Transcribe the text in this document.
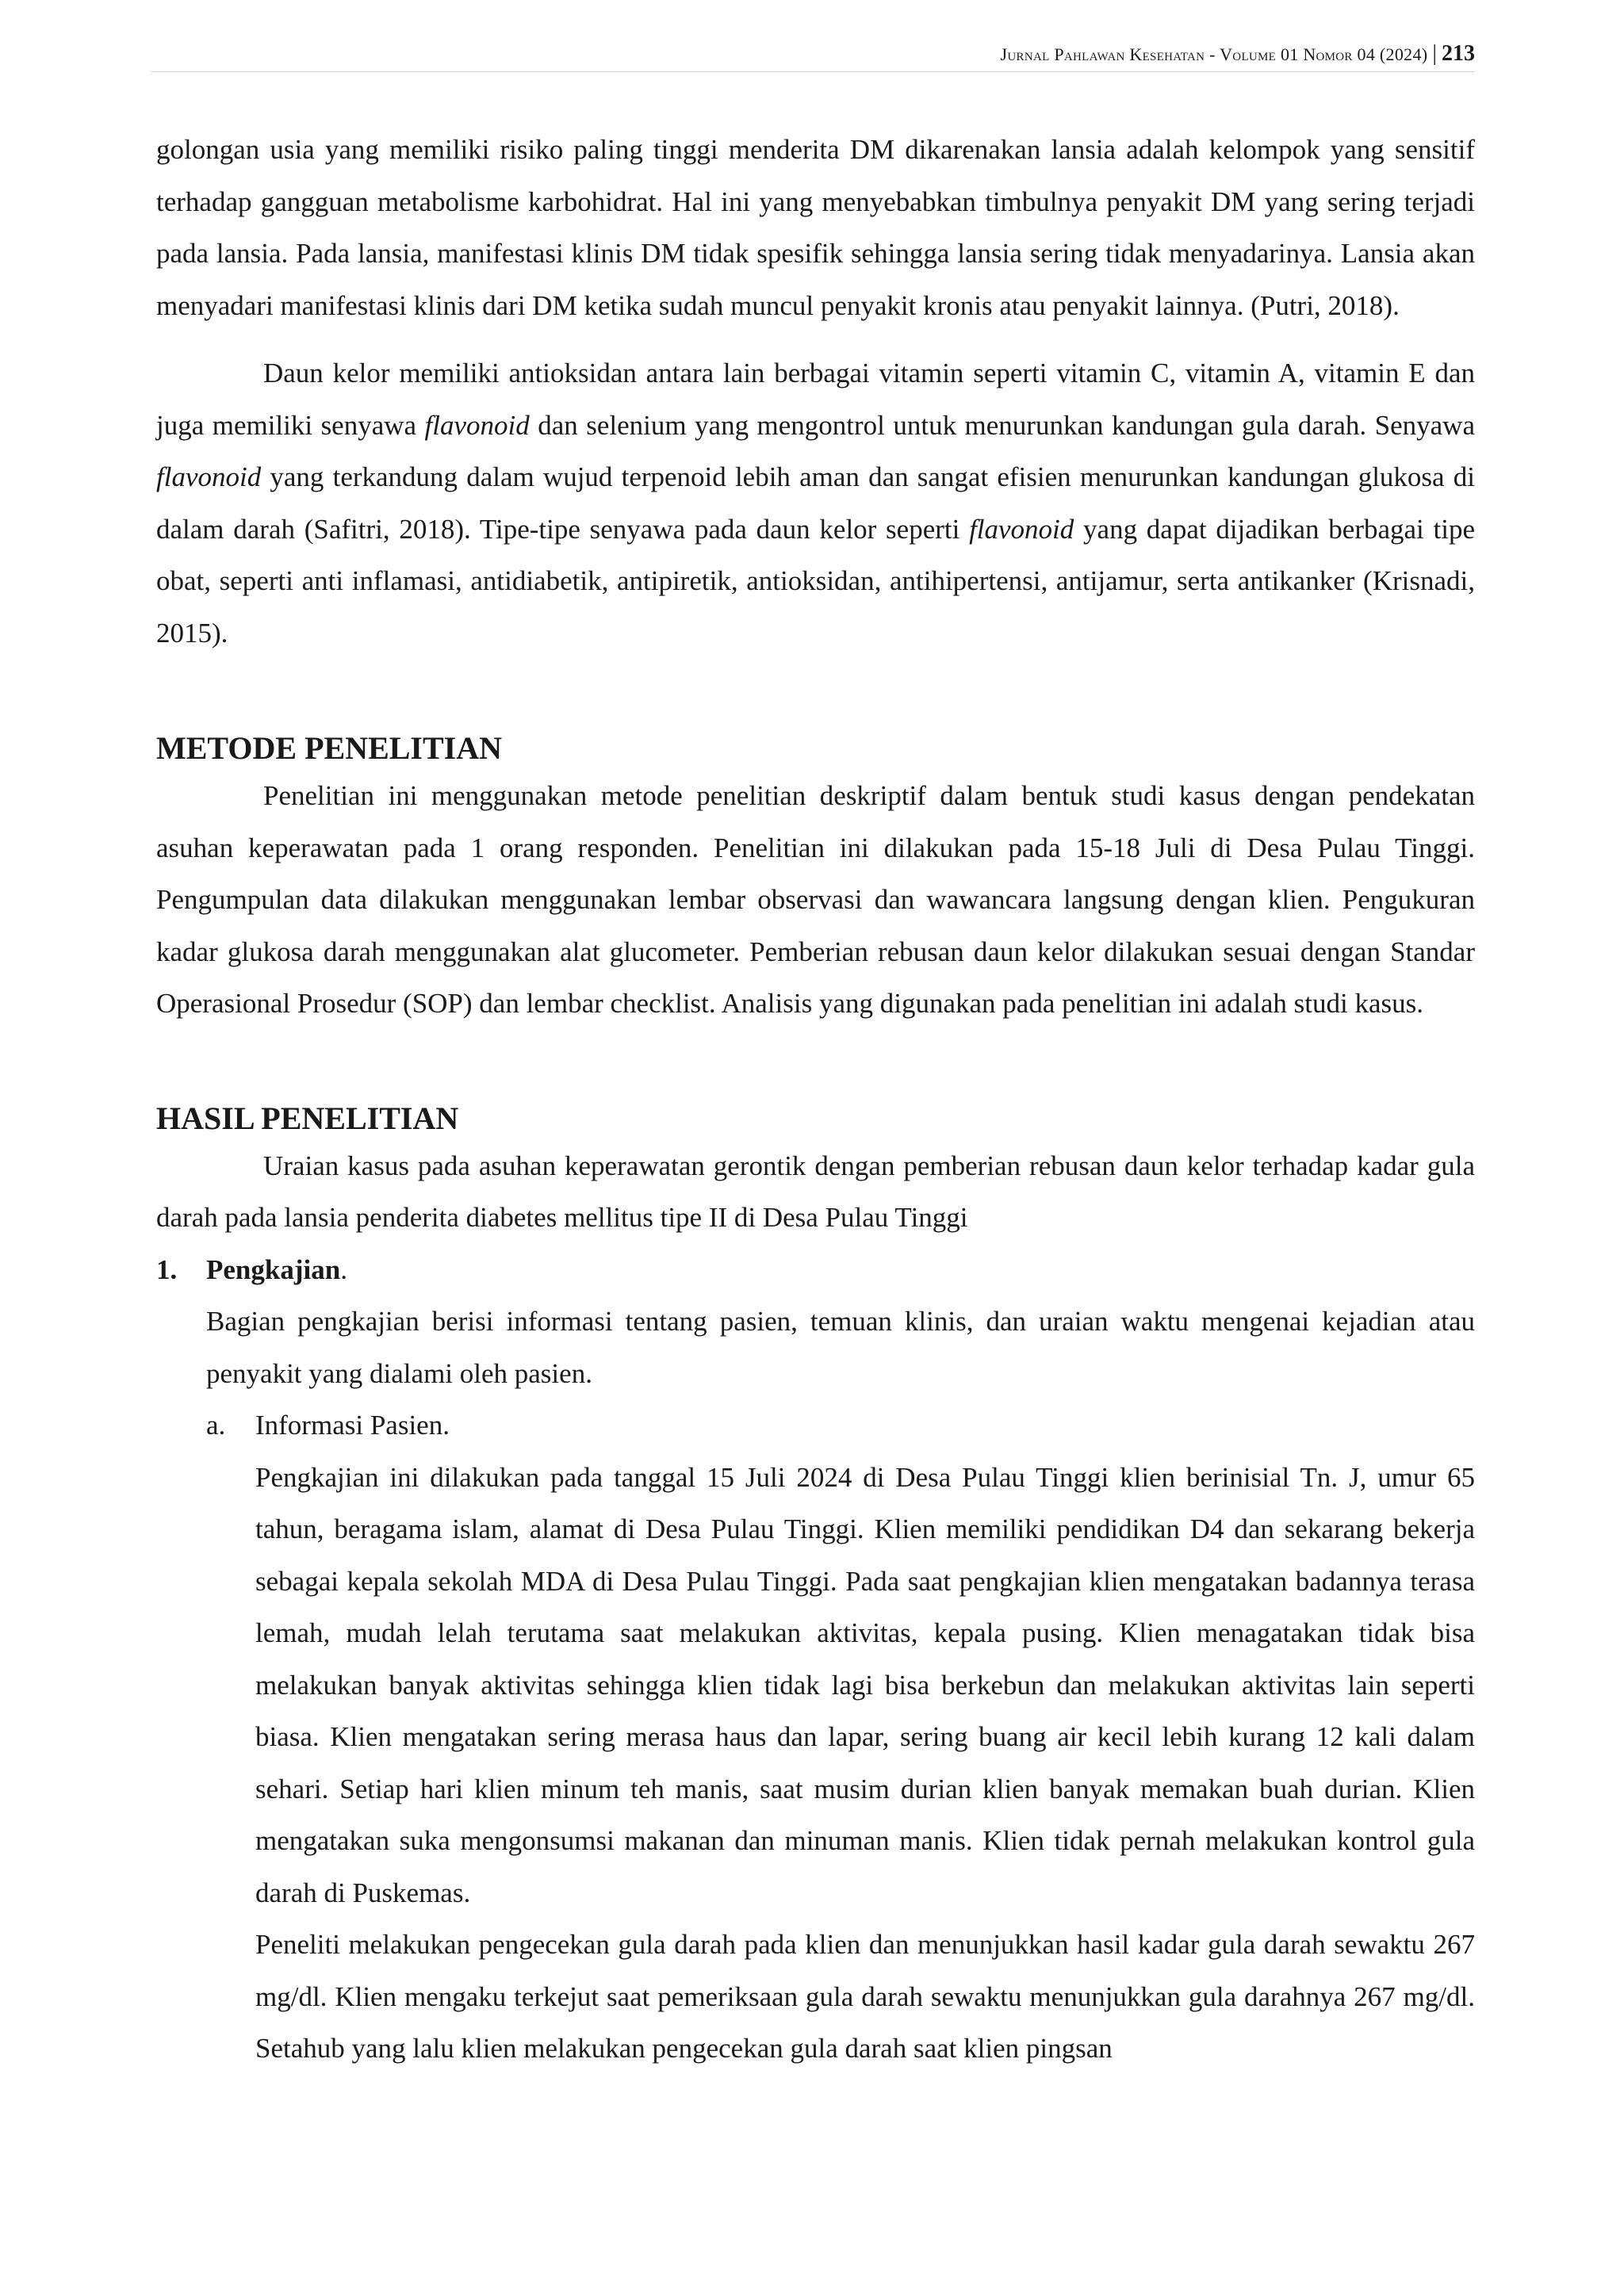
Jurnal Pahlawan Kesehatan - Volume 01 Nomor 04 (2024) | 213

golongan usia yang memiliki risiko paling tinggi menderita DM dikarenakan lansia adalah kelompok yang sensitif terhadap gangguan metabolisme karbohidrat. Hal ini yang menyebabkan timbulnya penyakit DM yang sering terjadi pada lansia. Pada lansia, manifestasi klinis DM tidak spesifik sehingga lansia sering tidak menyadarinya. Lansia akan menyadari manifestasi klinis dari DM ketika sudah muncul penyakit kronis atau penyakit lainnya. (Putri, 2018).

Daun kelor memiliki antioksidan antara lain berbagai vitamin seperti vitamin C, vitamin A, vitamin E dan juga memiliki senyawa flavonoid dan selenium yang mengontrol untuk menurunkan kandungan gula darah. Senyawa flavonoid yang terkandung dalam wujud terpenoid lebih aman dan sangat efisien menurunkan kandungan glukosa di dalam darah (Safitri, 2018). Tipe-tipe senyawa pada daun kelor seperti flavonoid yang dapat dijadikan berbagai tipe obat, seperti anti inflamasi, antidiabetik, antipiretik, antioksidan, antihipertensi, antijamur, serta antikanker (Krisnadi, 2015).

METODE PENELITIAN

Penelitian ini menggunakan metode penelitian deskriptif dalam bentuk studi kasus dengan pendekatan asuhan keperawatan pada 1 orang responden. Penelitian ini dilakukan pada 15-18 Juli di Desa Pulau Tinggi. Pengumpulan data dilakukan menggunakan lembar observasi dan wawancara langsung dengan klien. Pengukuran kadar glukosa darah menggunakan alat glucometer. Pemberian rebusan daun kelor dilakukan sesuai dengan Standar Operasional Prosedur (SOP) dan lembar checklist. Analisis yang digunakan pada penelitian ini adalah studi kasus.

HASIL PENELITIAN

Uraian kasus pada asuhan keperawatan gerontik dengan pemberian rebusan daun kelor terhadap kadar gula darah pada lansia penderita diabetes mellitus tipe II di Desa Pulau Tinggi

1. Pengkajian.

Bagian pengkajian berisi informasi tentang pasien, temuan klinis, dan uraian waktu mengenai kejadian atau penyakit yang dialami oleh pasien.

a. Informasi Pasien.

Pengkajian ini dilakukan pada tanggal 15 Juli 2024 di Desa Pulau Tinggi klien berinisial Tn. J, umur 65 tahun, beragama islam, alamat di Desa Pulau Tinggi. Klien memiliki pendidikan D4 dan sekarang bekerja sebagai kepala sekolah MDA di Desa Pulau Tinggi. Pada saat pengkajian klien mengatakan badannya terasa lemah, mudah lelah terutama saat melakukan aktivitas, kepala pusing. Klien menagatakan tidak bisa melakukan banyak aktivitas sehingga klien tidak lagi bisa berkebun dan melakukan aktivitas lain seperti biasa. Klien mengatakan sering merasa haus dan lapar, sering buang air kecil lebih kurang 12 kali dalam sehari. Setiap hari klien minum teh manis, saat musim durian klien banyak memakan buah durian. Klien mengatakan suka mengonsumsi makanan dan minuman manis. Klien tidak pernah melakukan kontrol gula darah di Puskemas.

Peneliti melakukan pengecekan gula darah pada klien dan menunjukkan hasil kadar gula darah sewaktu 267 mg/dl. Klien mengaku terkejut saat pemeriksaan gula darah sewaktu menunjukkan gula darahnya 267 mg/dl. Setahub yang lalu klien melakukan pengecekan gula darah saat klien pingsan
